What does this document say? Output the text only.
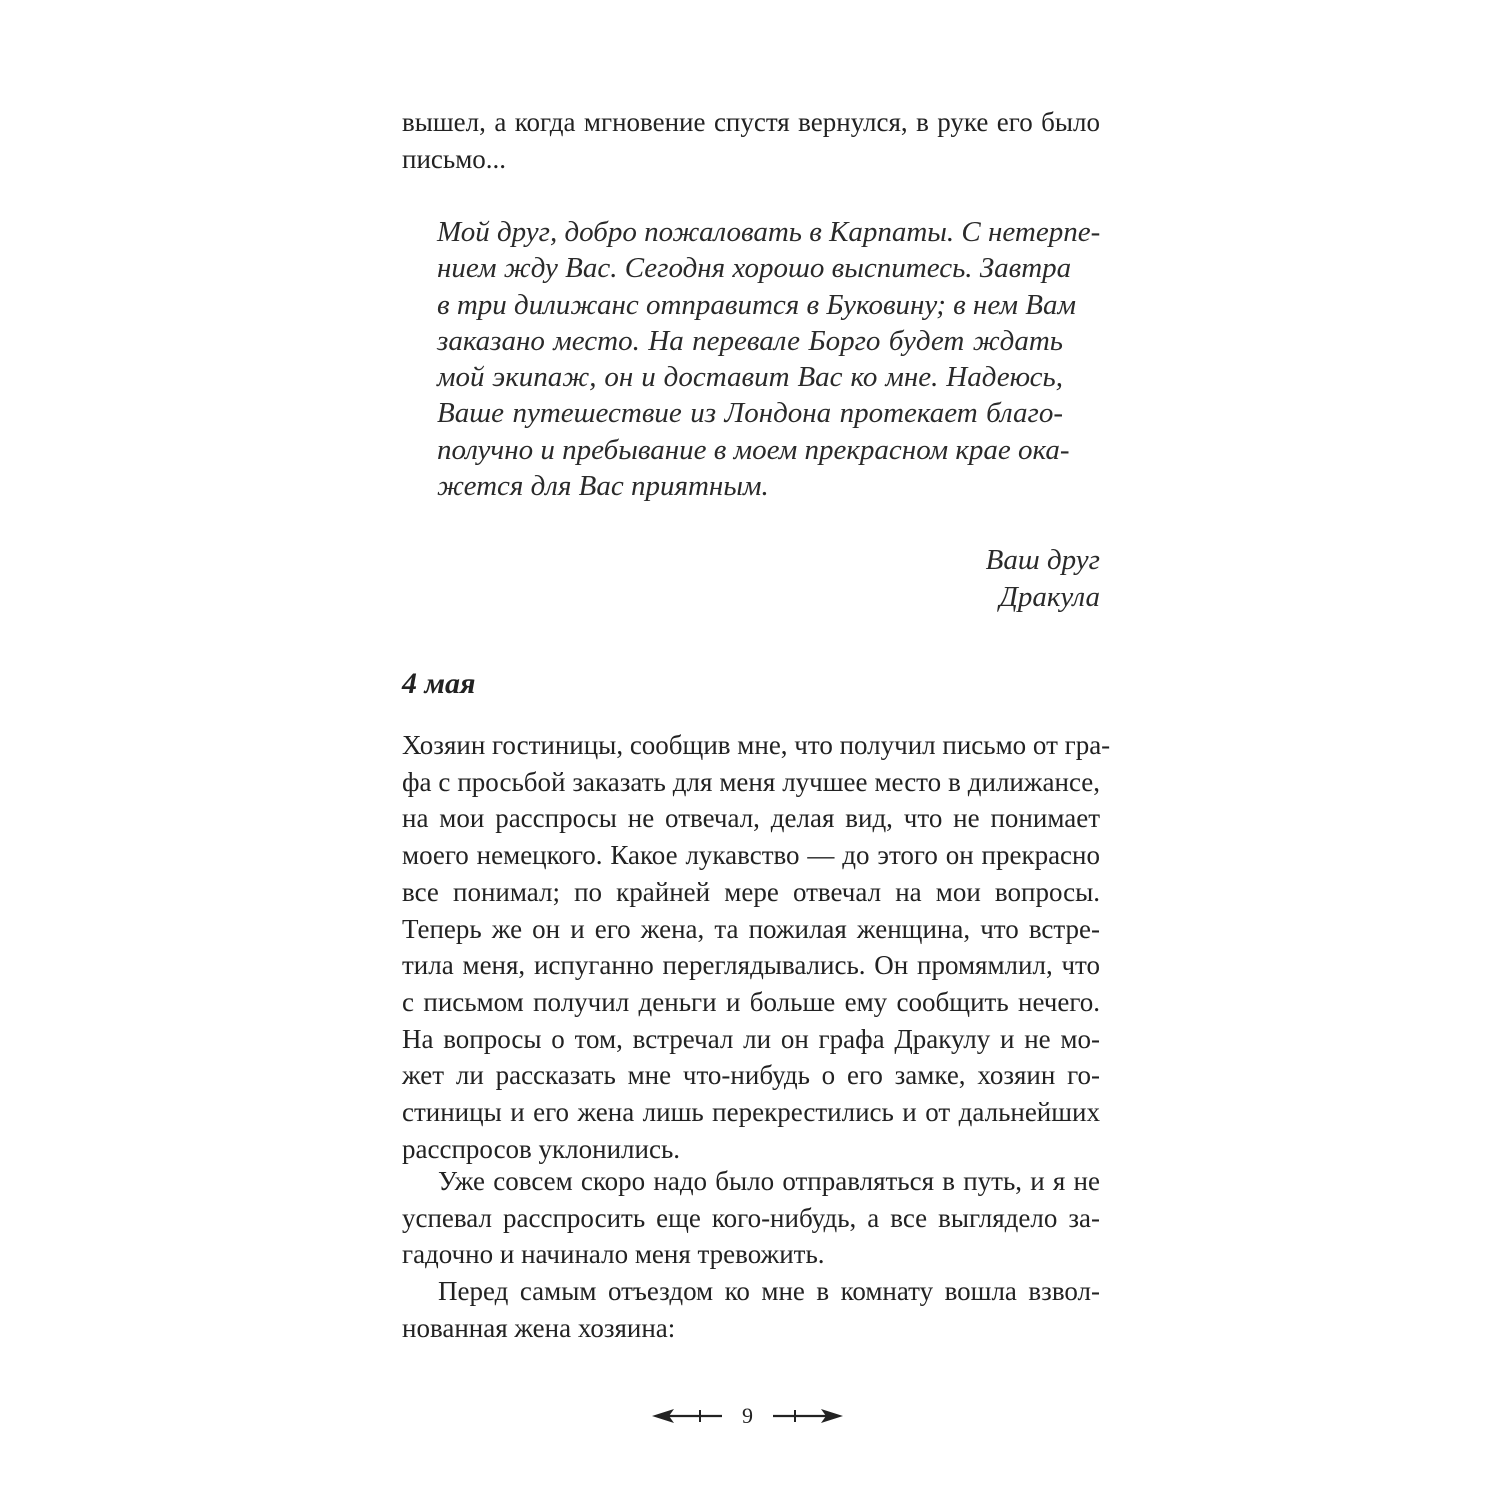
вышел, а когда мгновение спустя вернулся, в руке его было
письмо...
Мой друг, добро пожаловать в Карпаты. С нетерпе-
нием жду Вас. Сегодня хорошо выспитесь. Завтра
в три дилижанс отправится в Буковину; в нем Вам
заказано место. На перевале Борго будет ждать
мой экипаж, он и доставит Вас ко мне. Надеюсь,
Ваше путешествие из Лондона протекает благо-
получно и пребывание в моем прекрасном крае ока-
жется для Вас приятным.
Ваш друг
Дракула
4 мая
Хозяин гостиницы, сообщив мне, что получил письмо от гра-
фа с просьбой заказать для меня лучшее место в дилижансе,
на мои расспросы не отвечал, делая вид, что не понимает
моего немецкого. Какое лукавство — до этого он прекрасно
все понимал; по крайней мере отвечал на мои вопросы.
Теперь же он и его жена, та пожилая женщина, что встре-
тила меня, испуганно переглядывались. Он промямлил, что
с письмом получил деньги и больше ему сообщить нечего.
На вопросы о том, встречал ли он графа Дракулу и не мо-
жет ли рассказать мне что-нибудь о его замке, хозяин го-
стиницы и его жена лишь перекрестились и от дальнейших
расспросов уклонились.
Уже совсем скоро надо было отправляться в путь, и я не
успевал расспросить еще кого-нибудь, а все выглядело за-
гадочно и начинало меня тревожить.
Перед самым отъездом ко мне в комнату вошла взвол-
нованная жена хозяина:
9
